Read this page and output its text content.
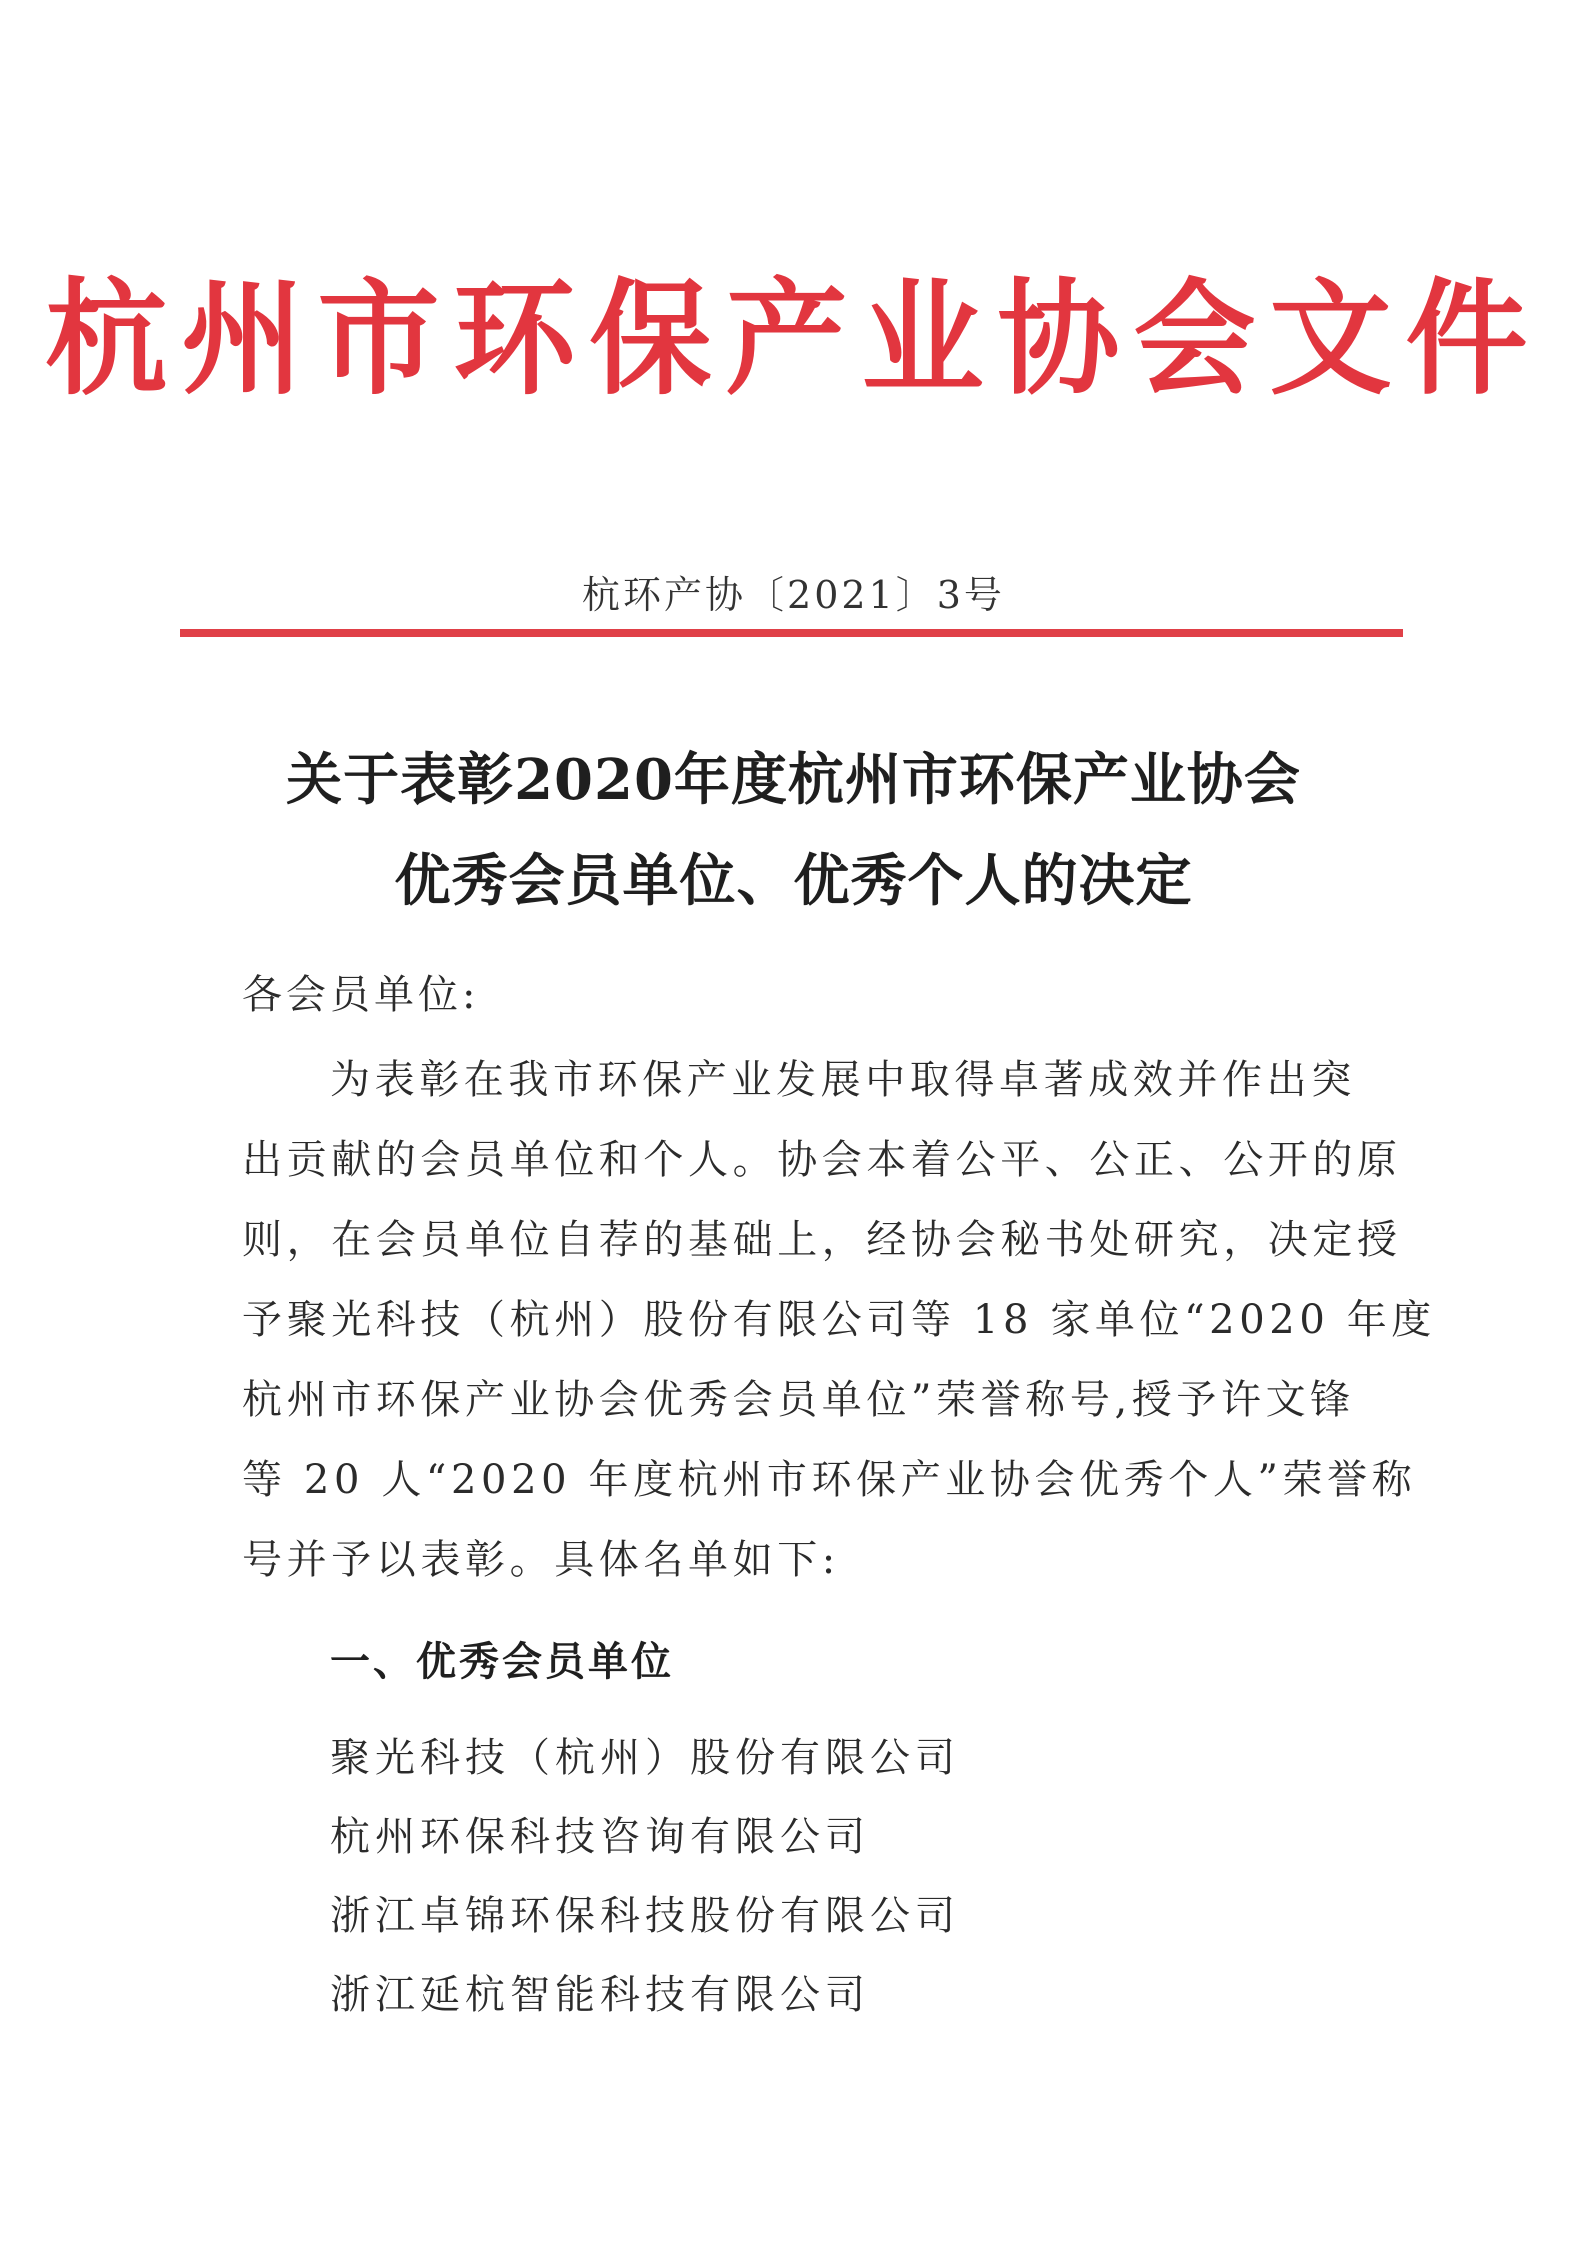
杭州市环保产业协会文件
杭环产协〔2021〕3号
关于表彰2020年度杭州市环保产业协会
优秀会员单位、优秀个人的决定
各会员单位:
为表彰在我市环保产业发展中取得卓著成效并作出突
出贡献的会员单位和个人。协会本着公平、公正、公开的原
则，在会员单位自荐的基础上，经协会秘书处研究，决定授
予聚光科技（杭州）股份有限公司等 18 家单位“2020 年度
杭州市环保产业协会优秀会员单位”荣誉称号,授予许文锋
等 20 人“2020 年度杭州市环保产业协会优秀个人”荣誉称
号并予以表彰。具体名单如下:
一、优秀会员单位
聚光科技（杭州）股份有限公司
杭州环保科技咨询有限公司
浙江卓锦环保科技股份有限公司
浙江延杭智能科技有限公司
